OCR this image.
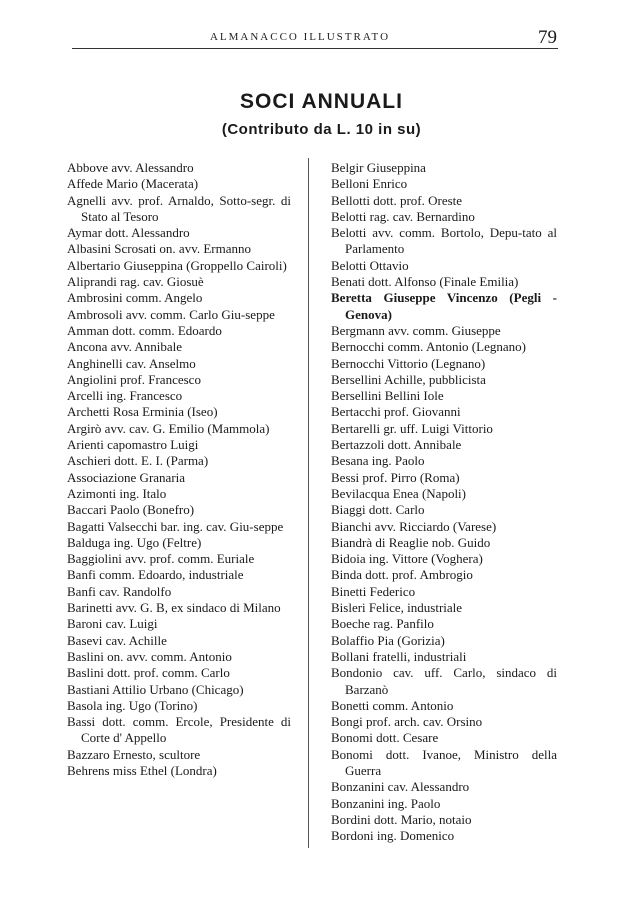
ALMANACCO ILLUSTRATO	79
SOCI ANNUALI
(Contributo da L. 10 in su)
Abbove avv. Alessandro
Affede Mario (Macerata)
Agnelli avv. prof. Arnaldo, Sotto-segr. di Stato al Tesoro
Aymar dott. Alessandro
Albasini Scrosati on. avv. Ermanno
Albertario Giuseppina (Groppello Cairoli)
Aliprandi rag. cav. Giosuè
Ambrosini comm. Angelo
Ambrosoli avv. comm. Carlo Giu-seppe
Amman dott. comm. Edoardo
Ancona avv. Annibale
Anghinelli cav. Anselmo
Angiolini prof. Francesco
Arcelli ing. Francesco
Archetti Rosa Erminia (Iseo)
Argirò avv. cav. G. Emilio (Mammola)
Arienti capomastro Luigi
Aschieri dott. E. I. (Parma)
Associazione Granaria
Azimonti ing. Italo
Baccari Paolo (Bonefro)
Bagatti Valsecchi bar. ing. cav. Giu-seppe
Balduga ing. Ugo (Feltre)
Baggiolini avv. prof. comm. Euriale
Banfi comm. Edoardo, industriale
Banfi cav. Randolfo
Barinetti avv. G. B, ex sindaco di Milano
Baroni cav. Luigi
Basevi cav. Achille
Baslini on. avv. comm. Antonio
Baslini dott. prof. comm. Carlo
Bastiani Attilio Urbano (Chicago)
Basola ing. Ugo (Torino)
Bassi dott. comm. Ercole, Presidente di Corte d' Appello
Bazzaro Ernesto, scultore
Behrens miss Ethel (Londra)
Belgir Giuseppina
Belloni Enrico
Bellotti dott. prof. Oreste
Belotti rag. cav. Bernardino
Belotti avv. comm. Bortolo, Depu-tato al Parlamento
Belotti Ottavio
Benati dott. Alfonso (Finale Emilia)
Beretta Giuseppe Vincenzo (Pegli - Genova)
Bergmann avv. comm. Giuseppe
Bernocchi comm. Antonio (Legnano)
Bernocchi Vittorio (Legnano)
Bersellini Achille, pubblicista
Bersellini Bellini Iole
Bertacchi prof. Giovanni
Bertarelli gr. uff. Luigi Vittorio
Bertazzoli dott. Annibale
Besana ing. Paolo
Bessi prof. Pirro (Roma)
Bevilacqua Enea (Napoli)
Biaggi dott. Carlo
Bianchi avv. Ricciardo (Varese)
Biandrà di Reaglie nob. Guido
Bidoia ing. Vittore (Voghera)
Binda dott. prof. Ambrogio
Binetti Federico
Bisleri Felice, industriale
Boeche rag. Panfilo
Bolaffio Pia (Gorizia)
Bollani fratelli, industriali
Bondonio cav. uff. Carlo, sindaco di Barzanò
Bonetti comm. Antonio
Bongi prof. arch. cav. Orsino
Bonomi dott. Cesare
Bonomi dott. Ivanoe, Ministro della Guerra
Bonzanini cav. Alessandro
Bonzanini ing. Paolo
Bordini dott. Mario, notaio
Bordoni ing. Domenico
